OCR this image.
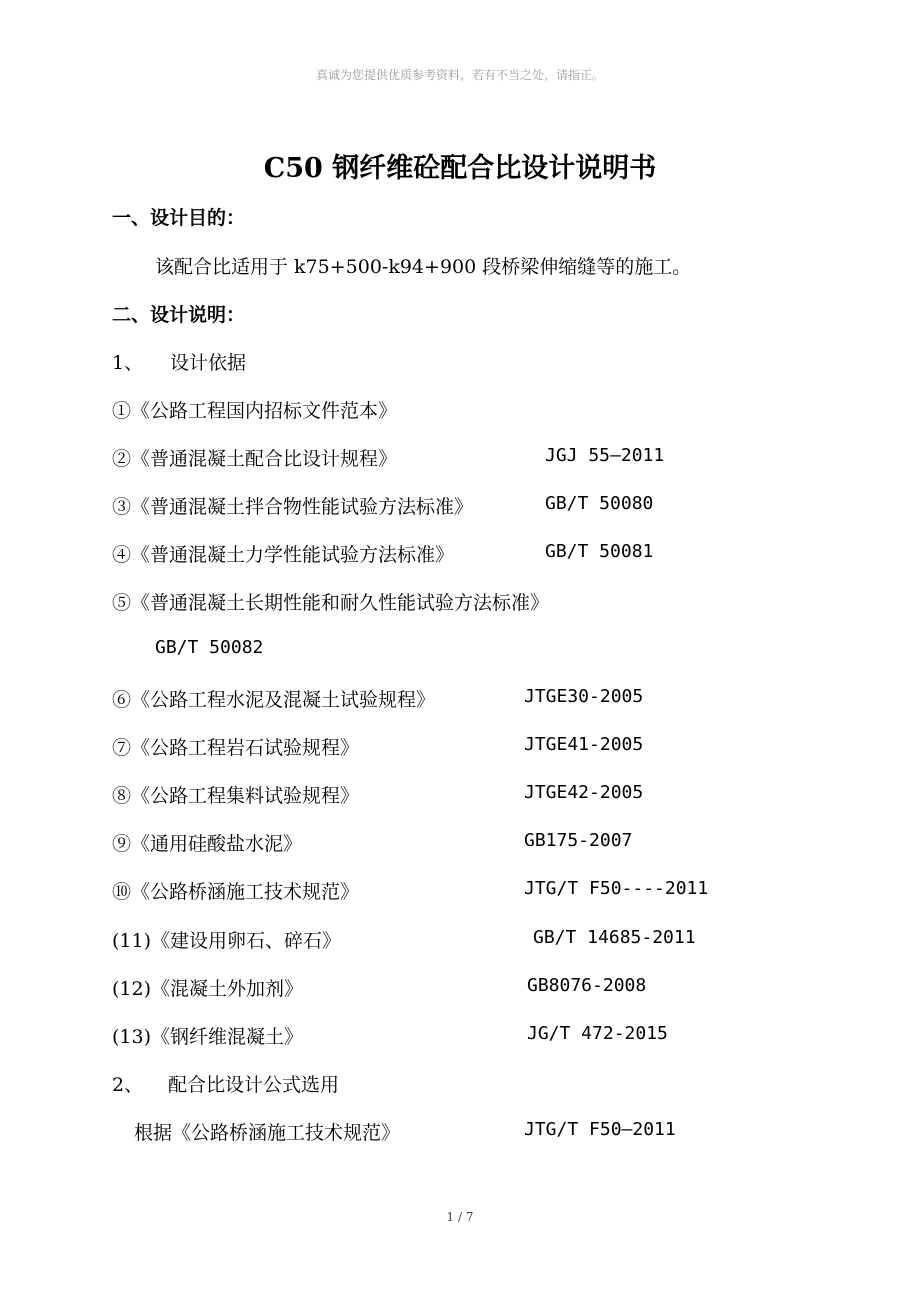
真诚为您提供优质参考资料，若有不当之处，请指正。
C50 钢纤维砼配合比设计说明书
一、设计目的：
该配合比适用于 k75+500-k94+900 段桥梁伸缩缝等的施工。
二、设计说明：
1、 设计依据
①《公路工程国内招标文件范本》
②《普通混凝土配合比设计规程》	JGJ 55—2011
③《普通混凝土拌合物性能试验方法标准》	GB/T 50080
④《普通混凝土力学性能试验方法标准》	GB/T 50081
⑤《普通混凝土长期性能和耐久性能试验方法标准》
GB/T 50082
⑥《公路工程水泥及混凝土试验规程》	JTGE30-2005
⑦《公路工程岩石试验规程》	JTGE41-2005
⑧《公路工程集料试验规程》	JTGE42-2005
⑨《通用硅酸盐水泥》	GB175-2007
⑩《公路桥涵施工技术规范》	JTG/T F50----2011
(11)《建设用卵石、碎石》	GB/T 14685-2011
(12)《混凝土外加剂》	GB8076-2008
(13)《钢纤维混凝土》	JG/T 472-2015
2、 配合比设计公式选用
根据《公路桥涵施工技术规范》	JTG/T F50—2011
1 / 7
